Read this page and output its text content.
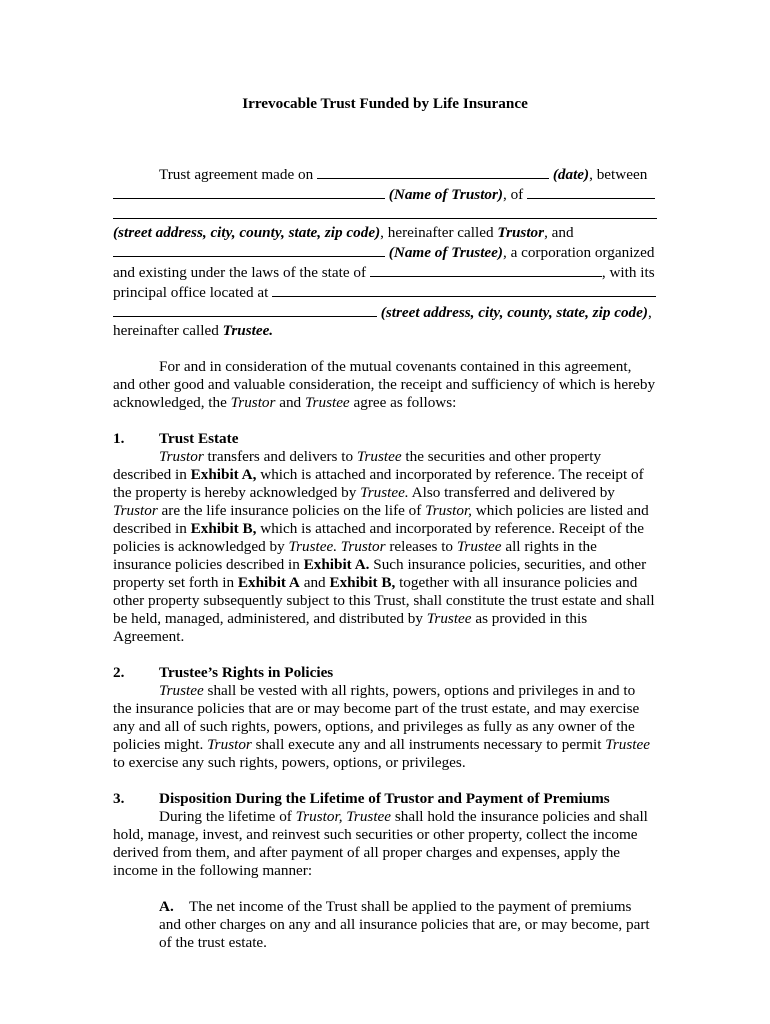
Irrevocable Trust Funded by Life Insurance
Trust agreement made on	(date), between
(Name of Trustor), of
(street address, city, county, state, zip code), hereinafter called Trustor, and
(Name of Trustee), a corporation organized
and existing under the laws of the state of	, with its
principal office located at
(street address, city, county, state, zip code),
hereinafter called Trustee.

For and in consideration of the mutual covenants contained in this agreement, and other good and valuable consideration, the receipt and sufficiency of which is hereby acknowledged, the Trustor and Trustee agree as follows:

1. Trust Estate

Trustor transfers and delivers to Trustee the securities and other property described in Exhibit A, which is attached and incorporated by reference. The receipt of the property is hereby acknowledged by Trustee. Also transferred and delivered by Trustor are the life insurance policies on the life of Trustor, which policies are listed and described in Exhibit B, which is attached and incorporated by reference. Receipt of the policies is acknowledged by Trustee. Trustor releases to Trustee all rights in the insurance policies described in Exhibit A. Such insurance policies, securities, and other property set forth in Exhibit A and Exhibit B, together with all insurance policies and other property subsequently subject to this Trust, shall constitute the trust estate and shall be held, managed, administered, and distributed by Trustee as provided in this Agreement.

2. Trustee’s Rights in Policies

Trustee shall be vested with all rights, powers, options and privileges in and to the insurance policies that are or may become part of the trust estate, and may exercise any and all of such rights, powers, options, and privileges as fully as any owner of the policies might. Trustor shall execute any and all instruments necessary to permit Trustee to exercise any such rights, powers, options, or privileges.

3. Disposition During the Lifetime of Trustor and Payment of Premiums

During the lifetime of Trustor, Trustee shall hold the insurance policies and shall hold, manage, invest, and reinvest such securities or other property, collect the income derived from them, and after payment of all proper charges and expenses, apply the income in the following manner:

A. The net income of the Trust shall be applied to the payment of premiums and other charges on any and all insurance policies that are, or may become, part of the trust estate.
